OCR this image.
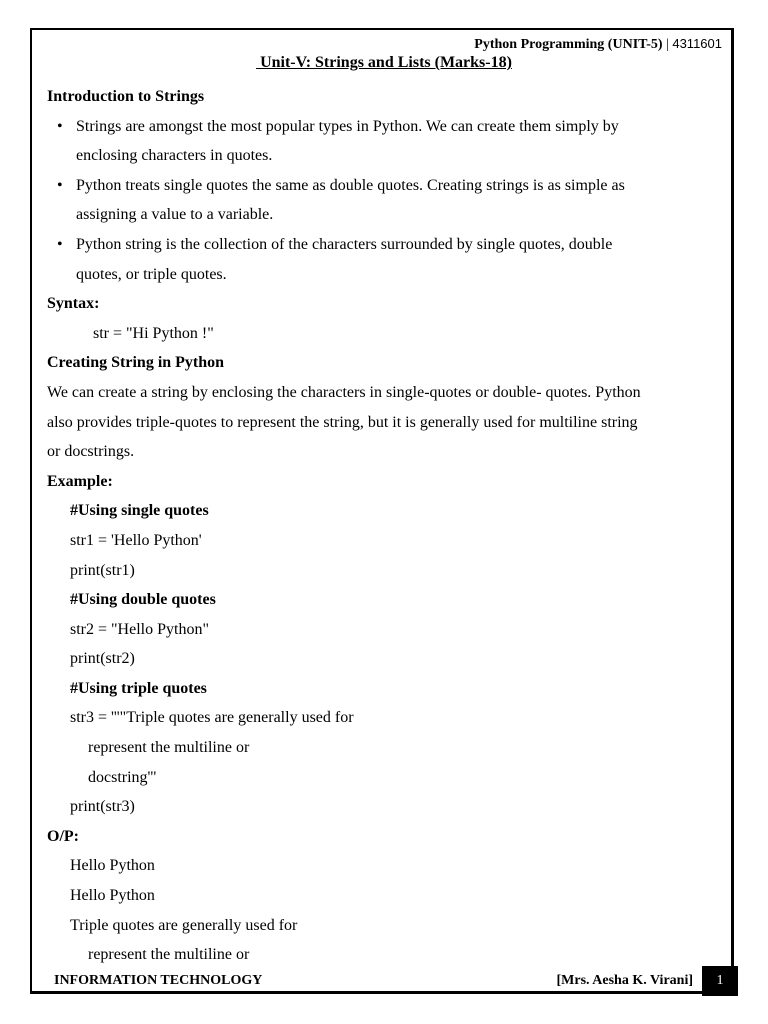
Python Programming (UNIT-5) | 4311601
Unit-V: Strings and Lists (Marks-18)
Introduction to Strings
• Strings are amongst the most popular types in Python. We can create them simply by
enclosing characters in quotes.
• Python treats single quotes the same as double quotes. Creating strings is as simple as
assigning a value to a variable.
• Python string is the collection of the characters surrounded by single quotes, double
quotes, or triple quotes.
Syntax:
str = "Hi Python !"
Creating String in Python
We can create a string by enclosing the characters in single-quotes or double- quotes. Python
also provides triple-quotes to represent the string, but it is generally used for multiline string
or docstrings.
Example:
#Using single quotes
str1 = 'Hello Python'
print(str1)
#Using double quotes
str2 = "Hello Python"
print(str2)
#Using triple quotes
str3 = '''"Triple quotes are generally used for
represent the multiline or
docstring'''
print(str3)
O/P:
Hello Python
Hello Python
Triple quotes are generally used for
represent the multiline or
INFORMATION TECHNOLOGY	[Mrs. Aesha K. Virani]	1
